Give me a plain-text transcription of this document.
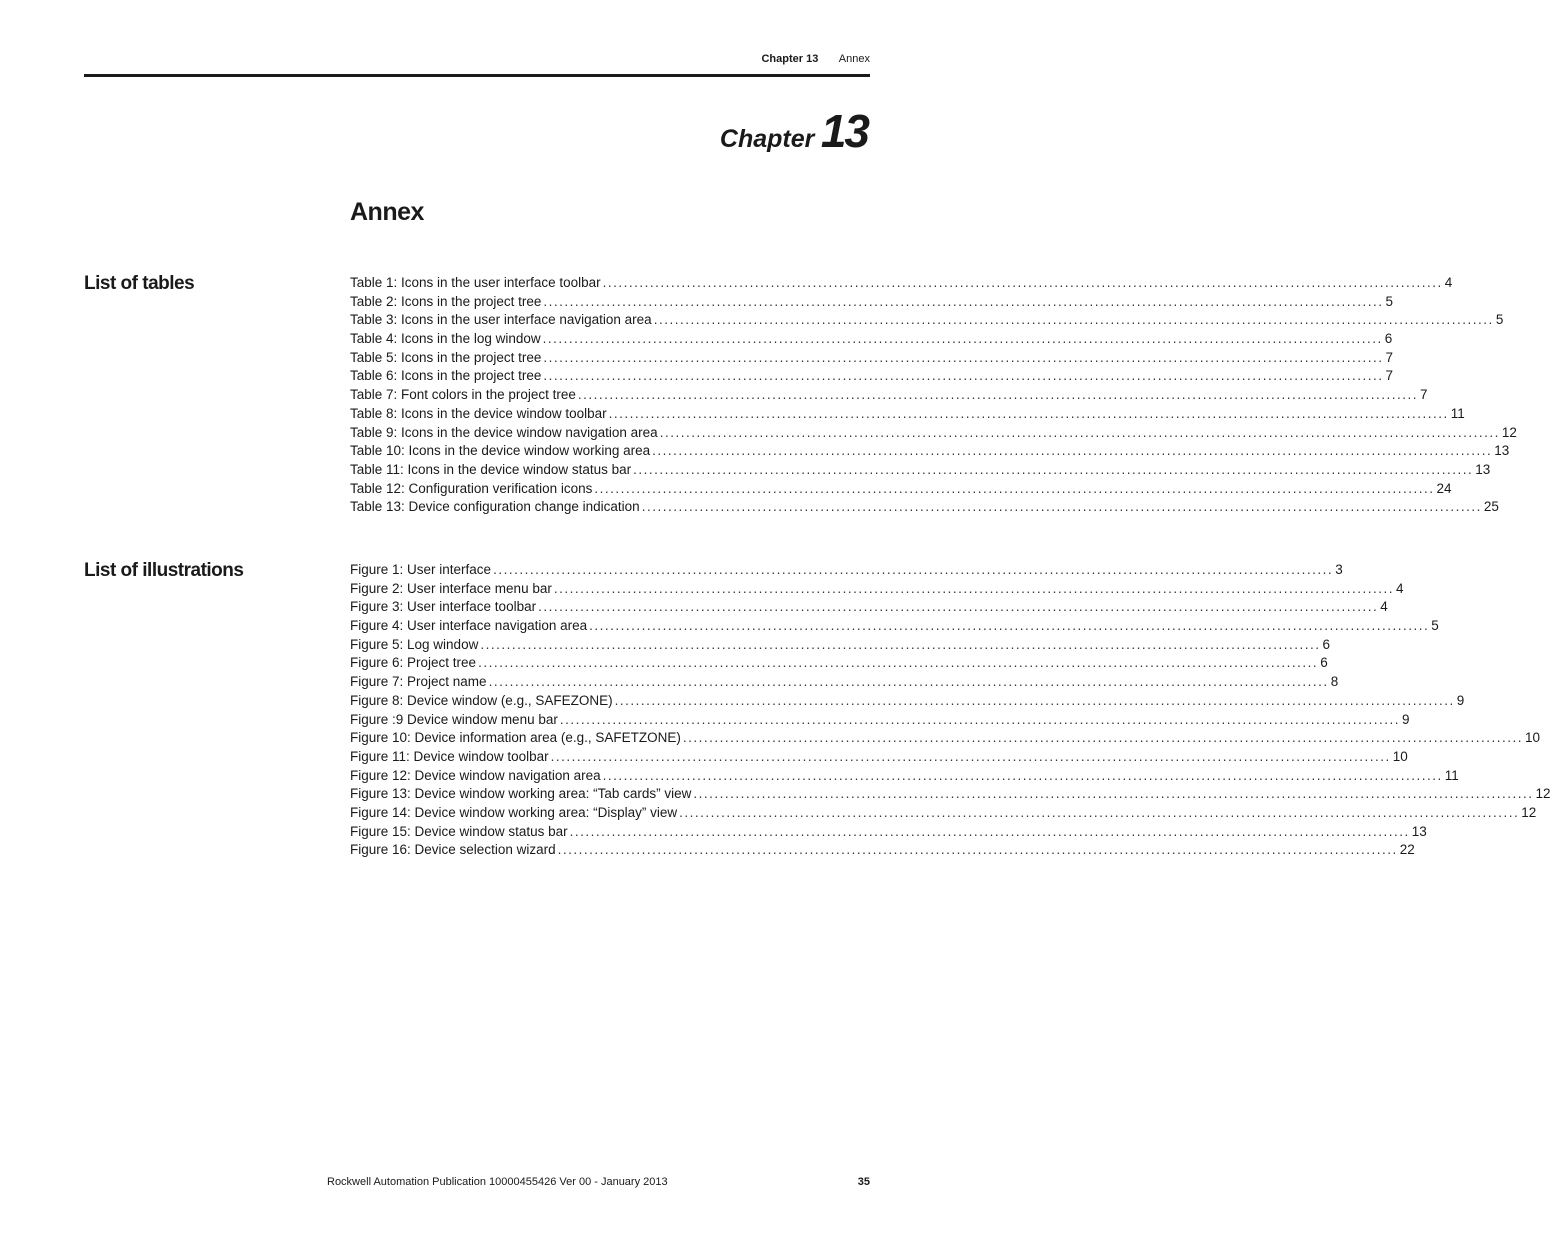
Chapter 13 Annex
Chapter 13
Annex
List of tables	Table 1: Icons in the user interface toolbar ................................................................................................................................................................ 4
Table 2: Icons in the project tree ................................................................................................................................................................ 5
Table 3: Icons in the user interface navigation area ................................................................................................................................................................ 5
Table 4: Icons in the log window ................................................................................................................................................................ 6
Table 5: Icons in the project tree ................................................................................................................................................................ 7
Table 6: Icons in the project tree ................................................................................................................................................................ 7
Table 7: Font colors in the project tree ................................................................................................................................................................ 7
Table 8: Icons in the device window toolbar ................................................................................................................................................................ 11
Table 9: Icons in the device window navigation area ................................................................................................................................................................ 12
Table 10: Icons in the device window working area ................................................................................................................................................................ 13
Table 11: Icons in the device window status bar ................................................................................................................................................................ 13
Table 12: Configuration verification icons ................................................................................................................................................................ 24
Table 13: Device configuration change indication ................................................................................................................................................................ 25
List of illustrations	Figure 1: User interface ................................................................................................................................................................ 3
Figure 2: User interface menu bar ................................................................................................................................................................ 4
Figure 3: User interface toolbar ................................................................................................................................................................ 4
Figure 4: User interface navigation area ................................................................................................................................................................ 5
Figure 5: Log window ................................................................................................................................................................ 6
Figure 6: Project tree ................................................................................................................................................................ 6
Figure 7: Project name ................................................................................................................................................................ 8
Figure 8: Device window (e.g., SAFEZONE) ................................................................................................................................................................ 9
Figure :9 Device window menu bar ................................................................................................................................................................ 9
Figure 10: Device information area (e.g., SAFETZONE) ................................................................................................................................................................ 10
Figure 11: Device window toolbar ................................................................................................................................................................ 10
Figure 12: Device window navigation area ................................................................................................................................................................ 11
Figure 13: Device window working area: “Tab cards” view ................................................................................................................................................................ 12
Figure 14: Device window working area: “Display” view ................................................................................................................................................................ 12
Figure 15: Device window status bar ................................................................................................................................................................ 13
Figure 16: Device selection wizard ................................................................................................................................................................ 22
Rockwell Automation Publication 10000455426 Ver 00 - January 2013	35
